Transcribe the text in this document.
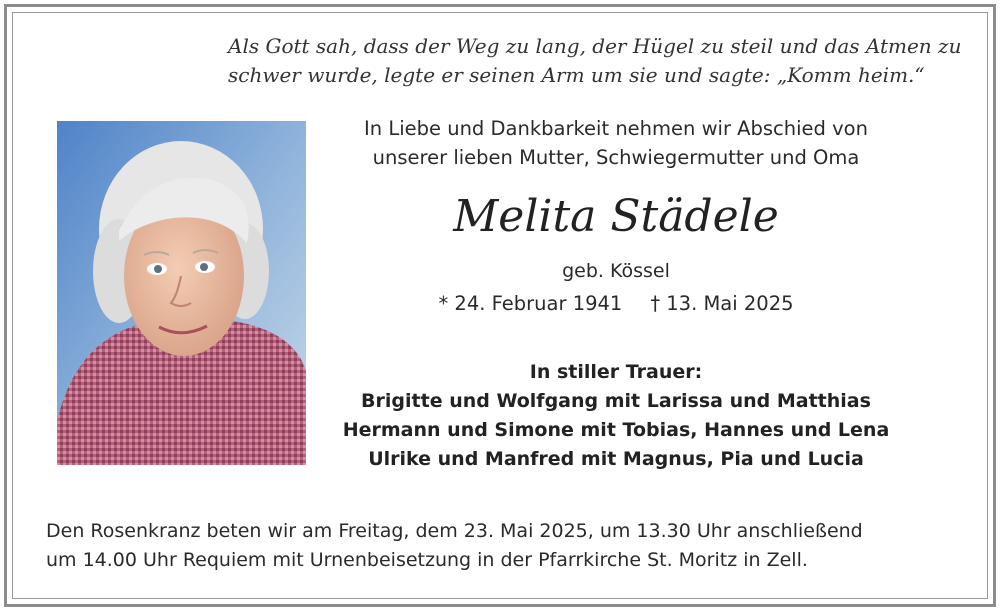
Als Gott sah, dass der Weg zu lang, der Hügel zu steil und das Atmen zu
schwer wurde, legte er seinen Arm um sie und sagte: „Komm heim.“
In Liebe und Dankbarkeit nehmen wir Abschied von
unserer lieben Mutter, Schwiegermutter und Oma
Melita Städele
geb. Kössel
* 24. Februar 1941 † 13. Mai 2025
In stiller Trauer:
Brigitte und Wolfgang mit Larissa und Matthias
Hermann und Simone mit Tobias, Hannes und Lena
Ulrike und Manfred mit Magnus, Pia und Lucia
Den Rosenkranz beten wir am Freitag, dem 23. Mai 2025, um 13.30 Uhr anschließend
um 14.00 Uhr Requiem mit Urnenbeisetzung in der Pfarrkirche St. Moritz in Zell.
